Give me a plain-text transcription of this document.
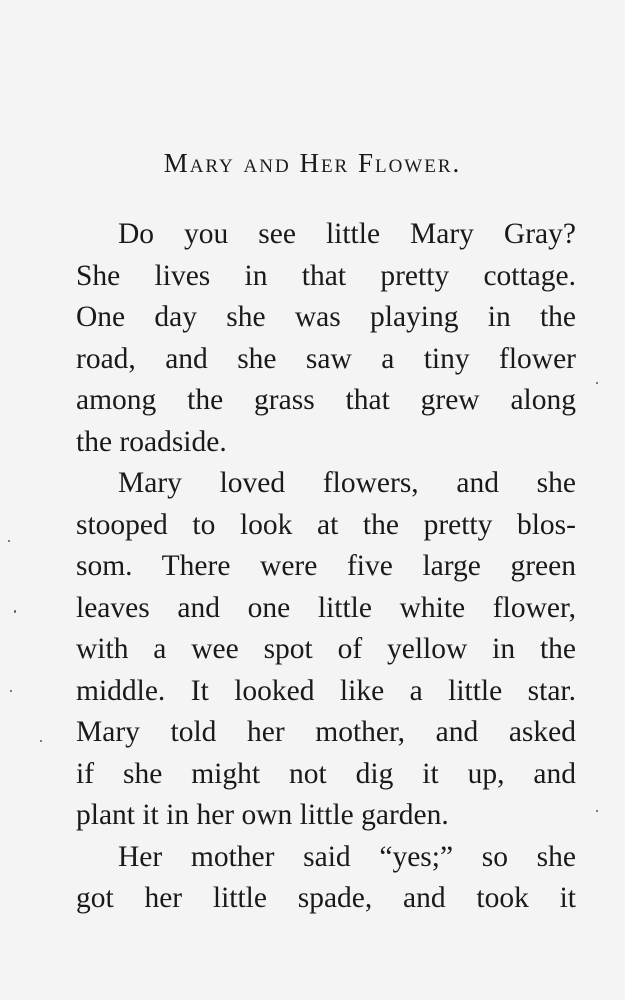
Mary and Her Flower.
Do you see little Mary Gray?
She lives in that pretty cottage.
One day she was playing in the
road, and she saw a tiny flower
among the grass that grew along
the roadside.
Mary loved flowers, and she
stooped to look at the pretty blos-
som. There were five large green
leaves and one little white flower,
with a wee spot of yellow in the
middle. It looked like a little star.
Mary told her mother, and asked
if she might not dig it up, and
plant it in her own little garden.
Her mother said “yes;” so she
got her little spade, and took it
